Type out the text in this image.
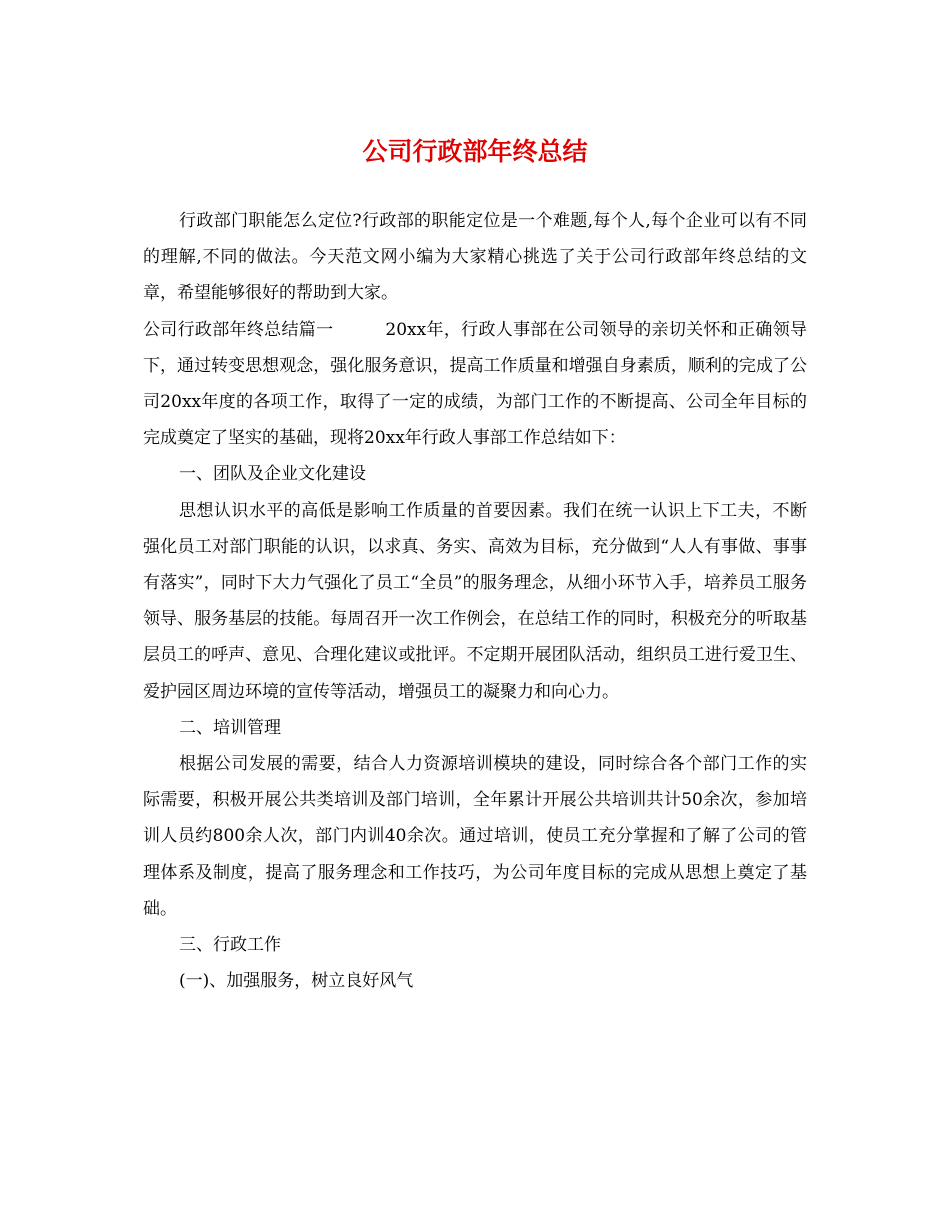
公司行政部年终总结

行政部门职能怎么定位?行政部的职能定位是一个难题,每个人,每个企业可以有不同的理解,不同的做法。今天范文网小编为大家精心挑选了关于公司行政部年终总结的文章，希望能够很好的帮助到大家。

公司行政部年终总结篇一	20xx年，行政人事部在公司领导的亲切关怀和正确领导下，通过转变思想观念，强化服务意识，提高工作质量和增强自身素质，顺利的完成了公司20xx年度的各项工作，取得了一定的成绩，为部门工作的不断提高、公司全年目标的完成奠定了坚实的基础，现将20xx年行政人事部工作总结如下：

一、团队及企业文化建设

思想认识水平的高低是影响工作质量的首要因素。我们在统一认识上下工夫，不断强化员工对部门职能的认识，以求真、务实、高效为目标，充分做到“人人有事做、事事有落实”，同时下大力气强化了员工“全员”的服务理念，从细小环节入手，培养员工服务领导、服务基层的技能。每周召开一次工作例会，在总结工作的同时，积极充分的听取基层员工的呼声、意见、合理化建议或批评。不定期开展团队活动，组织员工进行爱卫生、爱护园区周边环境的宣传等活动，增强员工的凝聚力和向心力。

二、培训管理

根据公司发展的需要，结合人力资源培训模块的建设，同时综合各个部门工作的实际需要，积极开展公共类培训及部门培训，全年累计开展公共培训共计50余次，参加培训人员约800余人次，部门内训40余次。通过培训，使员工充分掌握和了解了公司的管理体系及制度，提高了服务理念和工作技巧，为公司年度目标的完成从思想上奠定了基础。

三、行政工作

(一)、加强服务，树立良好风气
